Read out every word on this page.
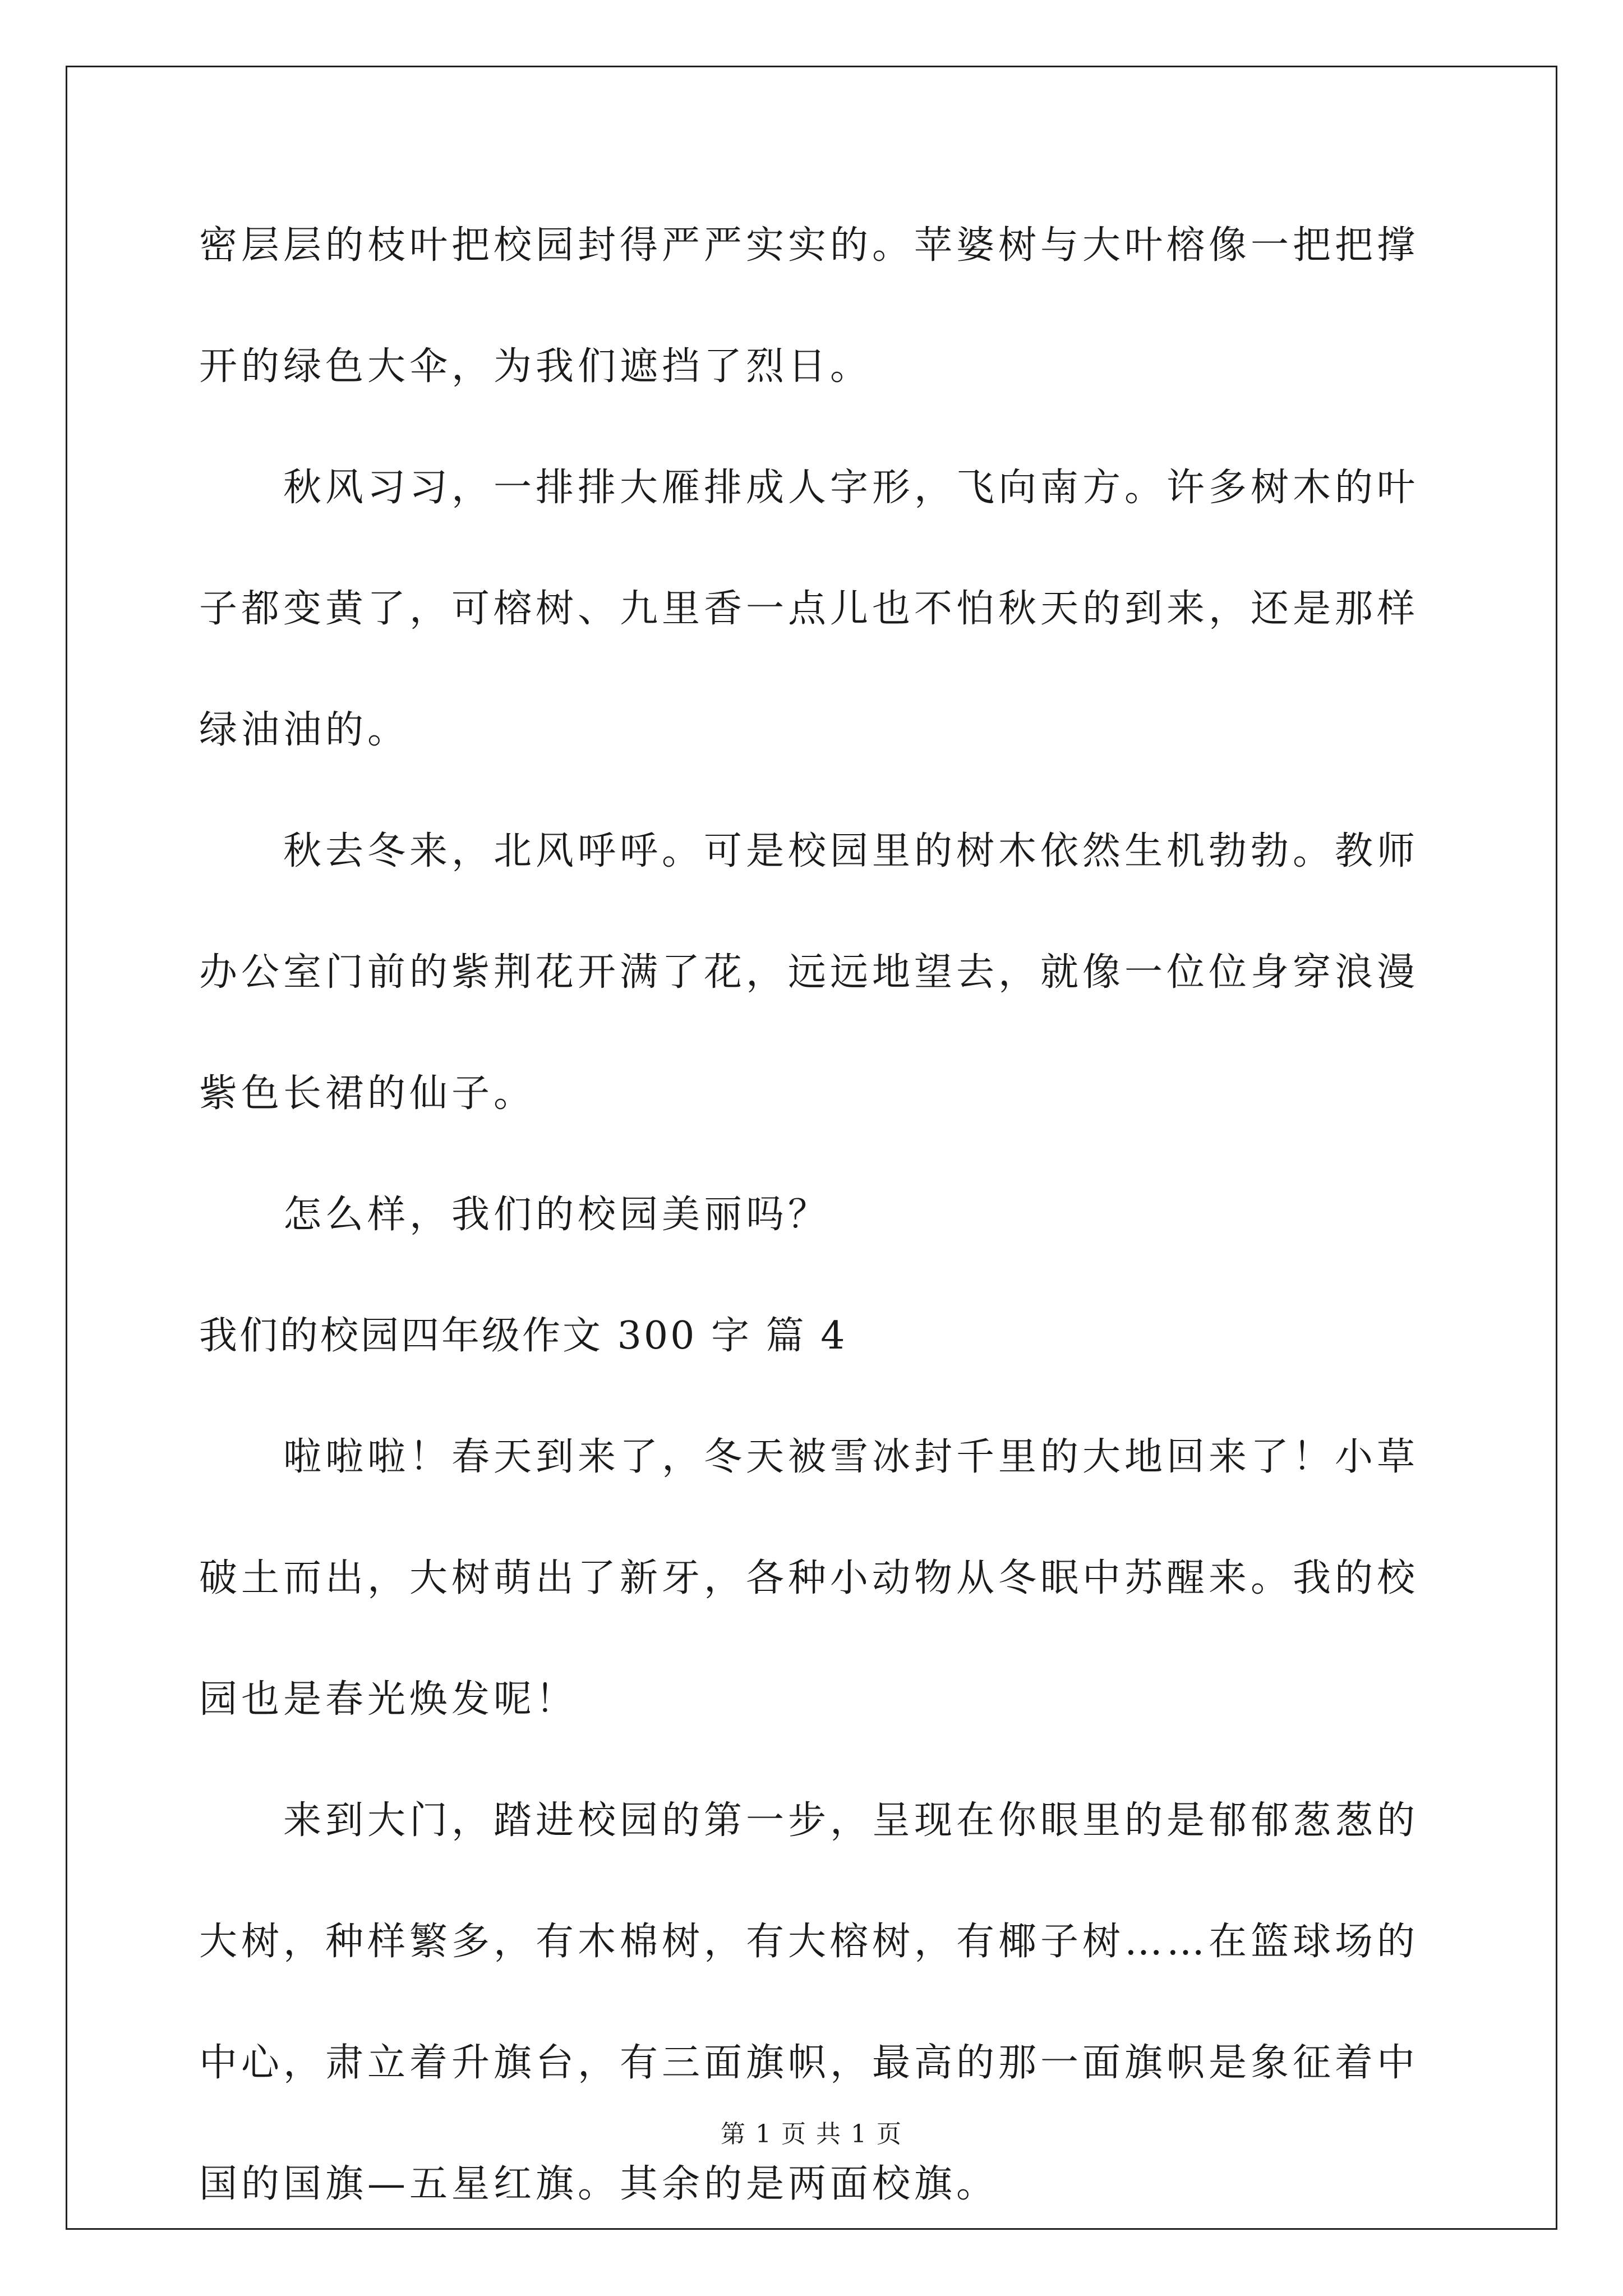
密层层的枝叶把校园封得严严实实的。苹婆树与大叶榕像一把把撑开的绿色大伞，为我们遮挡了烈日。

秋风习习，一排排大雁排成人字形，飞向南方。许多树木的叶子都变黄了，可榕树、九里香一点儿也不怕秋天的到来，还是那样绿油油的。

秋去冬来，北风呼呼。可是校园里的树木依然生机勃勃。教师办公室门前的紫荆花开满了花，远远地望去，就像一位位身穿浪漫紫色长裙的仙子。

怎么样，我们的校园美丽吗？

我们的校园四年级作文 300 字 篇 4

啦啦啦！春天到来了，冬天被雪冰封千里的大地回来了！小草破土而出，大树萌出了新牙，各种小动物从冬眠中苏醒来。我的校园也是春光焕发呢！

来到大门，踏进校园的第一步，呈现在你眼里的是郁郁葱葱的大树，种样繁多，有木棉树，有大榕树，有椰子树……在篮球场的中心，肃立着升旗台，有三面旗帜，最高的那一面旗帜是象征着中国的国旗—五星红旗。其余的是两面校旗。

第 1 页 共 1 页
